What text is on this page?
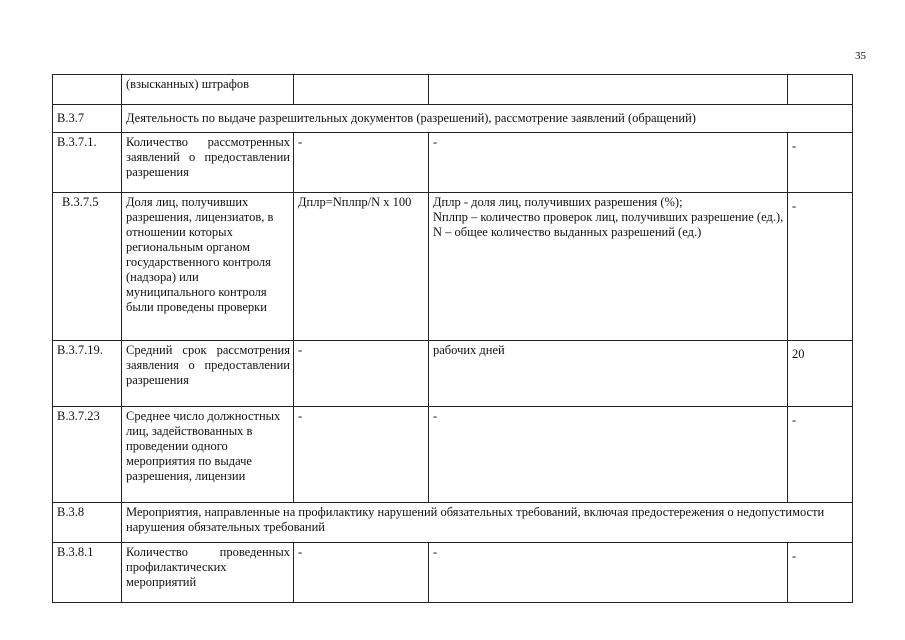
35
	(взысканных) штрафов			
B.3.7	Деятельность по выдаче разрешительных документов (разрешений), рассмотрение заявлений (обращений)			
B.3.7.1.	Количество рассмотренных заявлений о предоставлении разрешения	-	-	-
B.3.7.5	Доля лиц, получивших разрешения, лицензиатов, в отношении которых региональным органом государственного контроля (надзора) или муниципального контроля были проведены проверки	Дплр=Nплпр/N x 100	Дплр - доля лиц, получивших разрешения (%);
Nплпр – количество проверок лиц, получивших разрешение (ед.),
N – общее количество выданных разрешений (ед.)	-
B.3.7.19.	Средний срок рассмотрения заявления о предоставлении разрешения	-	рабочих дней	20
B.3.7.23	Среднее число должностных лиц, задействованных в проведении одного мероприятия по выдаче разрешения, лицензии	-	-	-
B.3.8	Мероприятия, направленные на профилактику нарушений обязательных требований, включая предостережения о недопустимости нарушения обязательных требований			
B.3.8.1	Количество проведенных профилактических мероприятий	-	-	-
